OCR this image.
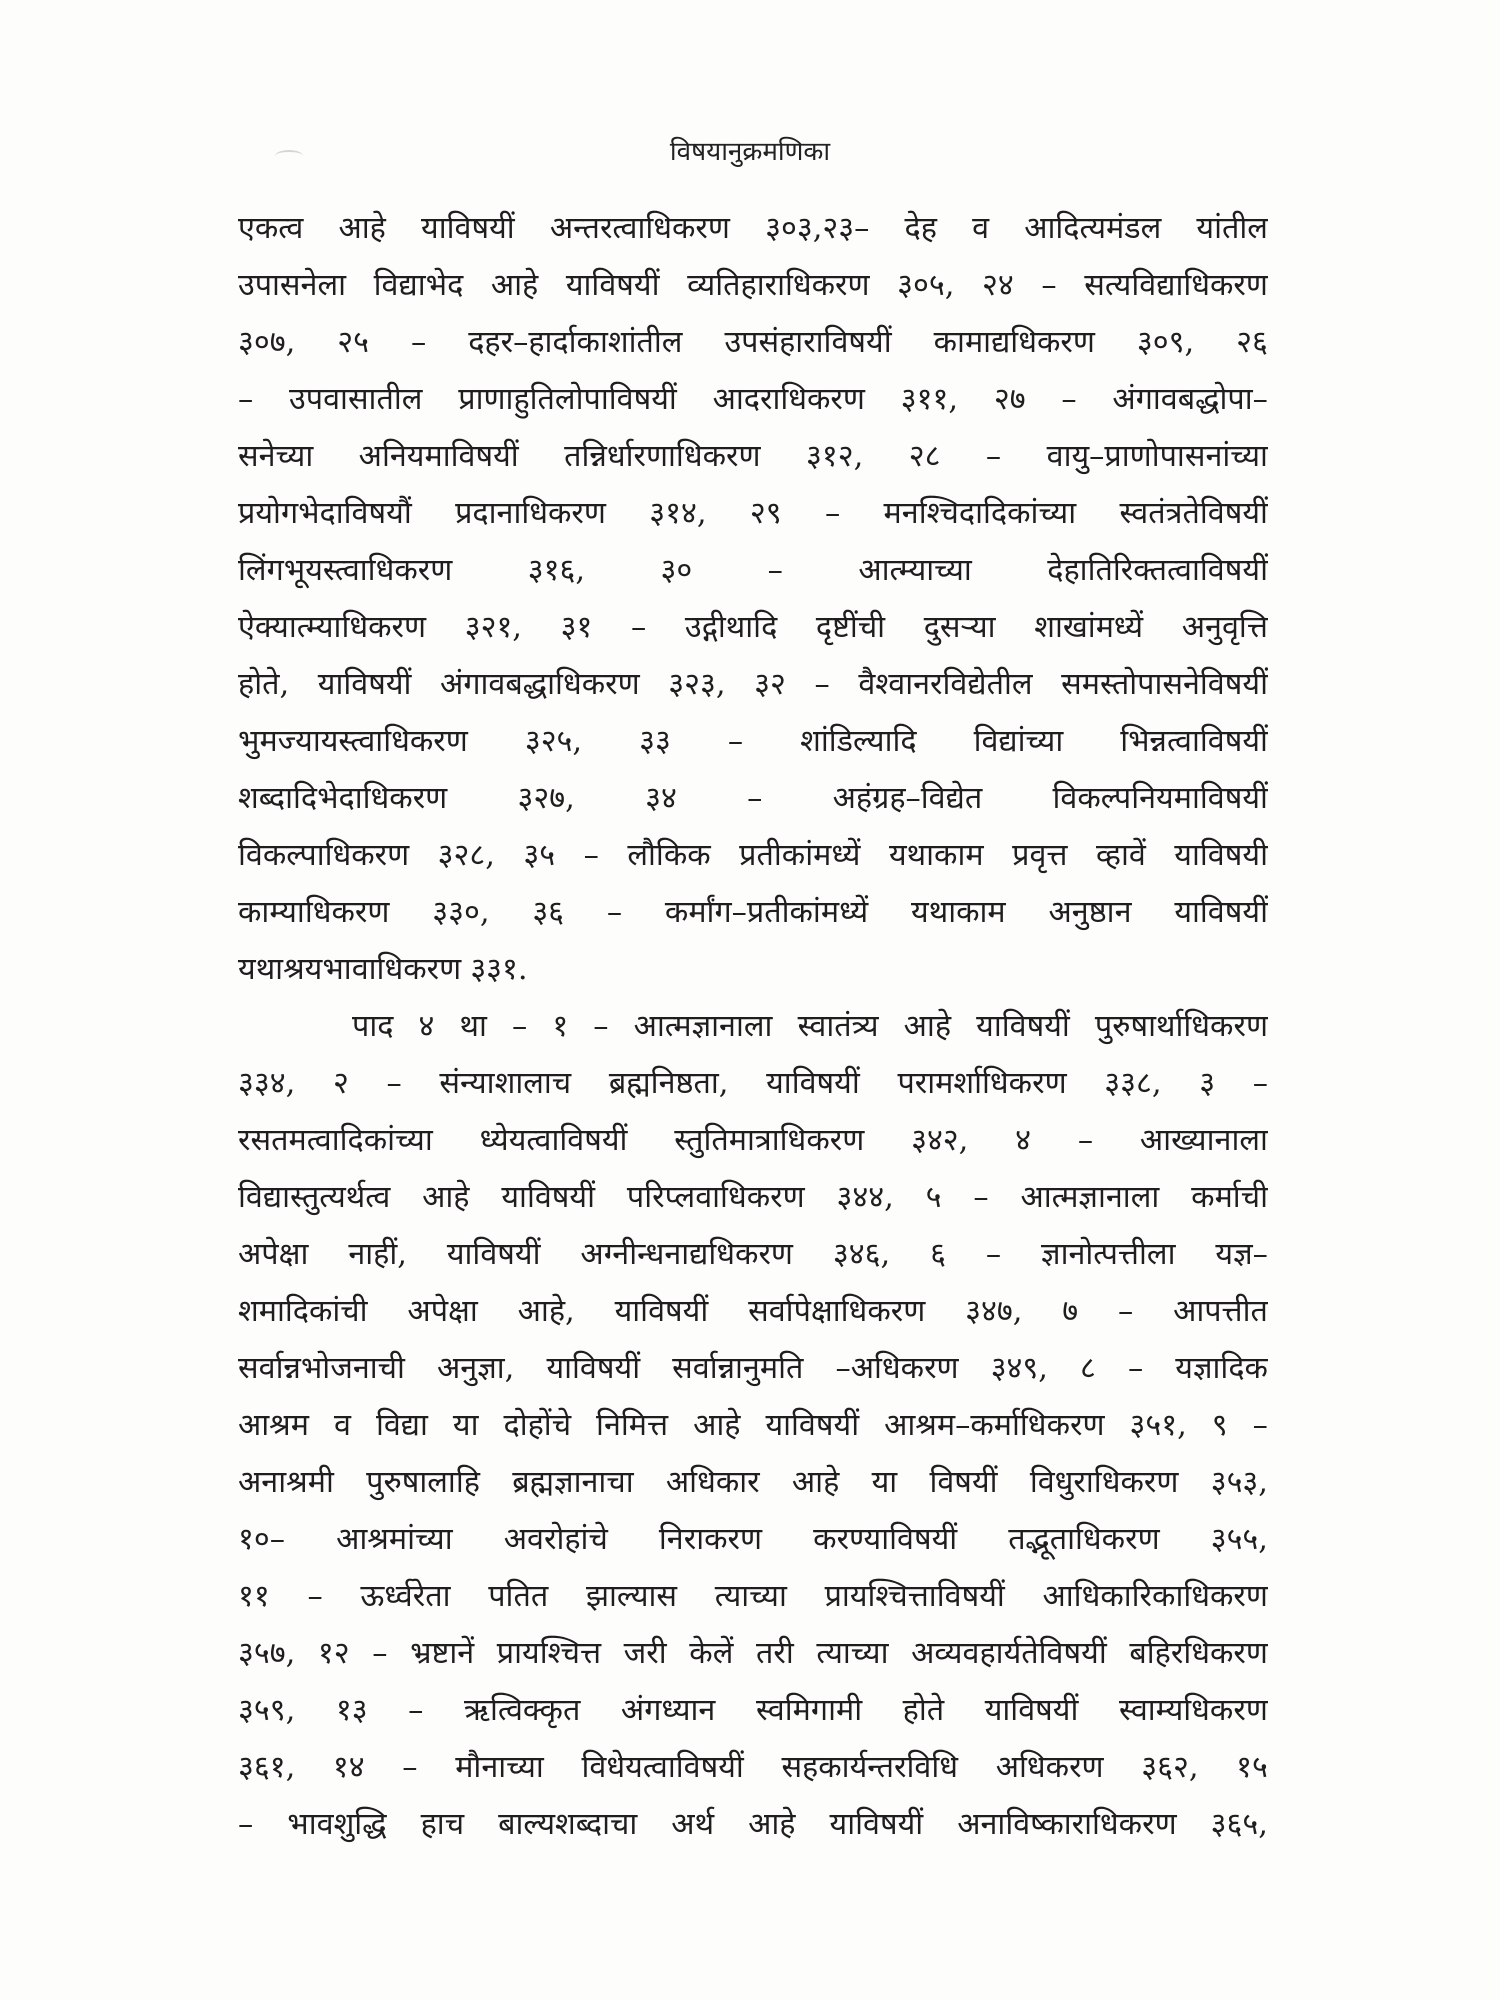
विषयानुक्रमणिका
एकत्व आहे याविषयीं अन्तरत्वाधिकरण ३०३,२३– देह व आदित्यमंडल यांतील
उपासनेला विद्याभेद आहे याविषयीं व्यतिहाराधिकरण ३०५, २४ – सत्यविद्याधिकरण
३०७, २५ – दहर–हार्दाकाशांतील उपसंहाराविषयीं कामाद्यधिकरण ३०९, २६
– उपवासातील प्राणाहुतिलोपाविषयीं आदराधिकरण ३११, २७ – अंगावबद्धोपा–
सनेच्या अनियमाविषयीं तन्निर्धारणाधिकरण ३१२, २८ – वायु–प्राणोपासनांच्या
प्रयोगभेदाविषयौं प्रदानाधिकरण ३१४, २९ – मनश्चिदादिकांच्या स्वतंत्रतेविषयीं
लिंगभूयस्त्वाधिकरण ३१६, ३० – आत्म्याच्या देहातिरिक्तत्वाविषयीं
ऐक्यात्म्याधिकरण ३२१, ३१ – उद्गीथादि दृष्टींची दुसऱ्या शाखांमध्यें अनुवृत्ति
होते, याविषयीं अंगावबद्धाधिकरण ३२३, ३२ – वैश्वानरविद्येतील समस्तोपासनेविषयीं
भुमज्यायस्त्वाधिकरण ३२५, ३३ – शांडिल्यादि विद्यांच्या भिन्नत्वाविषयीं
शब्दादिभेदाधिकरण ३२७, ३४ – अहंग्रह–विद्येत विकल्पनियमाविषयीं
विकल्पाधिकरण ३२८, ३५ – लौकिक प्रतीकांमध्यें यथाकाम प्रवृत्त व्हावें याविषयी
काम्याधिकरण ३३०, ३६ – कर्मांग–प्रतीकांमध्यें यथाकाम अनुष्ठान याविषयीं
यथाश्रयभावाधिकरण ३३१.
पाद ४ था – १ – आत्मज्ञानाला स्वातंत्र्य आहे याविषयीं पुरुषार्थाधिकरण
३३४, २ – संन्याशालाच ब्रह्मनिष्ठता, याविषयीं परामर्शाधिकरण ३३८, ३ –
रसतमत्वादिकांच्या ध्येयत्वाविषयीं स्तुतिमात्राधिकरण ३४२, ४ – आख्यानाला
विद्यास्तुत्यर्थत्व आहे याविषयीं परिप्लवाधिकरण ३४४, ५ – आत्मज्ञानाला कर्माची
अपेक्षा नाहीं, याविषयीं अग्नीन्धनाद्यधिकरण ३४६, ६ – ज्ञानोत्पत्तीला यज्ञ–
शमादिकांची अपेक्षा आहे, याविषयीं सर्वापेक्षाधिकरण ३४७, ७ – आपत्तीत
सर्वान्नभोजनाची अनुज्ञा, याविषयीं सर्वान्नानुमति –अधिकरण ३४९, ८ – यज्ञादिक
आश्रम व विद्या या दोहोंचे निमित्त आहे याविषयीं आश्रम–कर्माधिकरण ३५१, ९ –
अनाश्रमी पुरुषालाहि ब्रह्मज्ञानाचा अधिकार आहे या विषयीं विधुराधिकरण ३५३,
१०– आश्रमांच्या अवरोहांचे निराकरण करण्याविषयीं तद्भूताधिकरण ३५५,
११ – ऊर्ध्वरेता पतित झाल्यास त्याच्या प्रायश्चित्ताविषयीं आधिकारिकाधिकरण
३५७, १२ – भ्रष्टानें प्रायश्चित्त जरी केलें तरी त्याच्या अव्यवहार्यतेविषयीं बहिरधिकरण
३५९, १३ – ऋत्विक्कृत अंगध्यान स्वमिगामी होते याविषयीं स्वाम्यधिकरण
३६१, १४ – मौनाच्या विधेयत्वाविषयीं सहकार्यन्तरविधि अधिकरण ३६२, १५
– भावशुद्धि हाच बाल्यशब्दाचा अर्थ आहे याविषयीं अनाविष्काराधिकरण ३६५,
